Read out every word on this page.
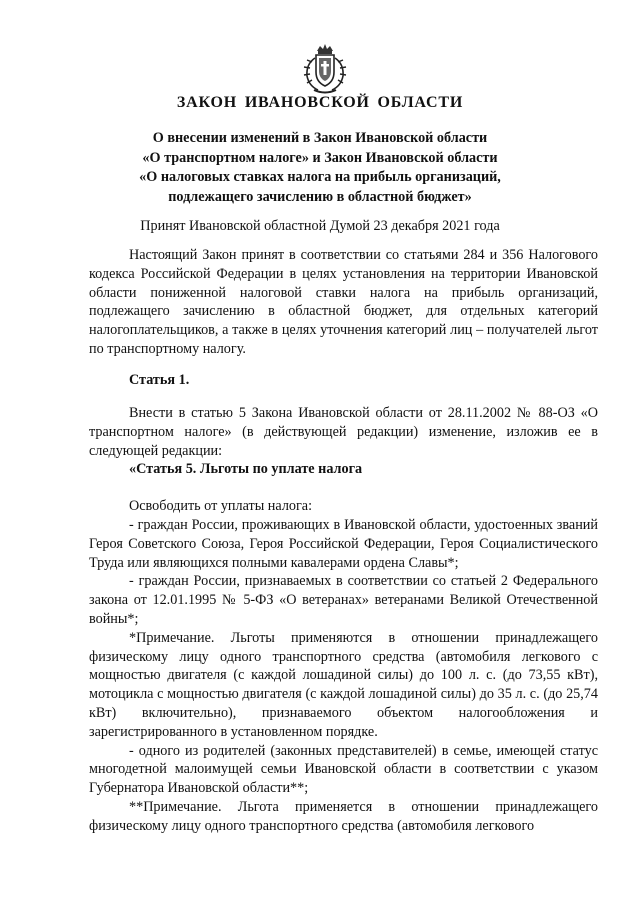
ЗАКОН ИВАНОВСКОЙ ОБЛАСТИ
О внесении изменений в Закон Ивановской области
«О транспортном налоге» и Закон Ивановской области
«О налоговых ставках налога на прибыль организаций,
подлежащего зачислению в областной бюджет»
Принят Ивановской областной Думой 23 декабря 2021 года

Настоящий Закон принят в соответствии со статьями 284 и 356 Налогового кодекса Российской Федерации в целях установления на территории Ивановской области пониженной налоговой ставки налога на прибыль организаций, подлежащего зачислению в областной бюджет, для отдельных категорий налогоплательщиков, а также в целях уточнения категорий лиц – получателей льгот по транспортному налогу.

Статья 1.

Внести в статью 5 Закона Ивановской области от 28.11.2002 № 88-ОЗ «О транспортном налоге» (в действующей редакции) изменение, изложив ее в следующей редакции:

«Статья 5. Льготы по уплате налога

Освободить от уплаты налога:

- граждан России, проживающих в Ивановской области, удостоенных званий Героя Советского Союза, Героя Российской Федерации, Героя Социалистического Труда или являющихся полными кавалерами ордена Славы*;

- граждан России, признаваемых в соответствии со статьей 2 Федерального закона от 12.01.1995 № 5-ФЗ «О ветеранах» ветеранами Великой Отечественной войны*;

*Примечание. Льготы применяются в отношении принадлежащего физическому лицу одного транспортного средства (автомобиля легкового с мощностью двигателя (с каждой лошадиной силы) до 100 л. с. (до 73,55 кВт), мотоцикла с мощностью двигателя (с каждой лошадиной силы) до 35 л. с. (до 25,74 кВт) включительно), признаваемого объектом налогообложения и зарегистрированного в установленном порядке.

- одного из родителей (законных представителей) в семье, имеющей статус многодетной малоимущей семьи Ивановской области в соответствии с указом Губернатора Ивановской области**;

**Примечание. Льгота применяется в отношении принадлежащего физическому лицу одного транспортного средства (автомобиля легкового
